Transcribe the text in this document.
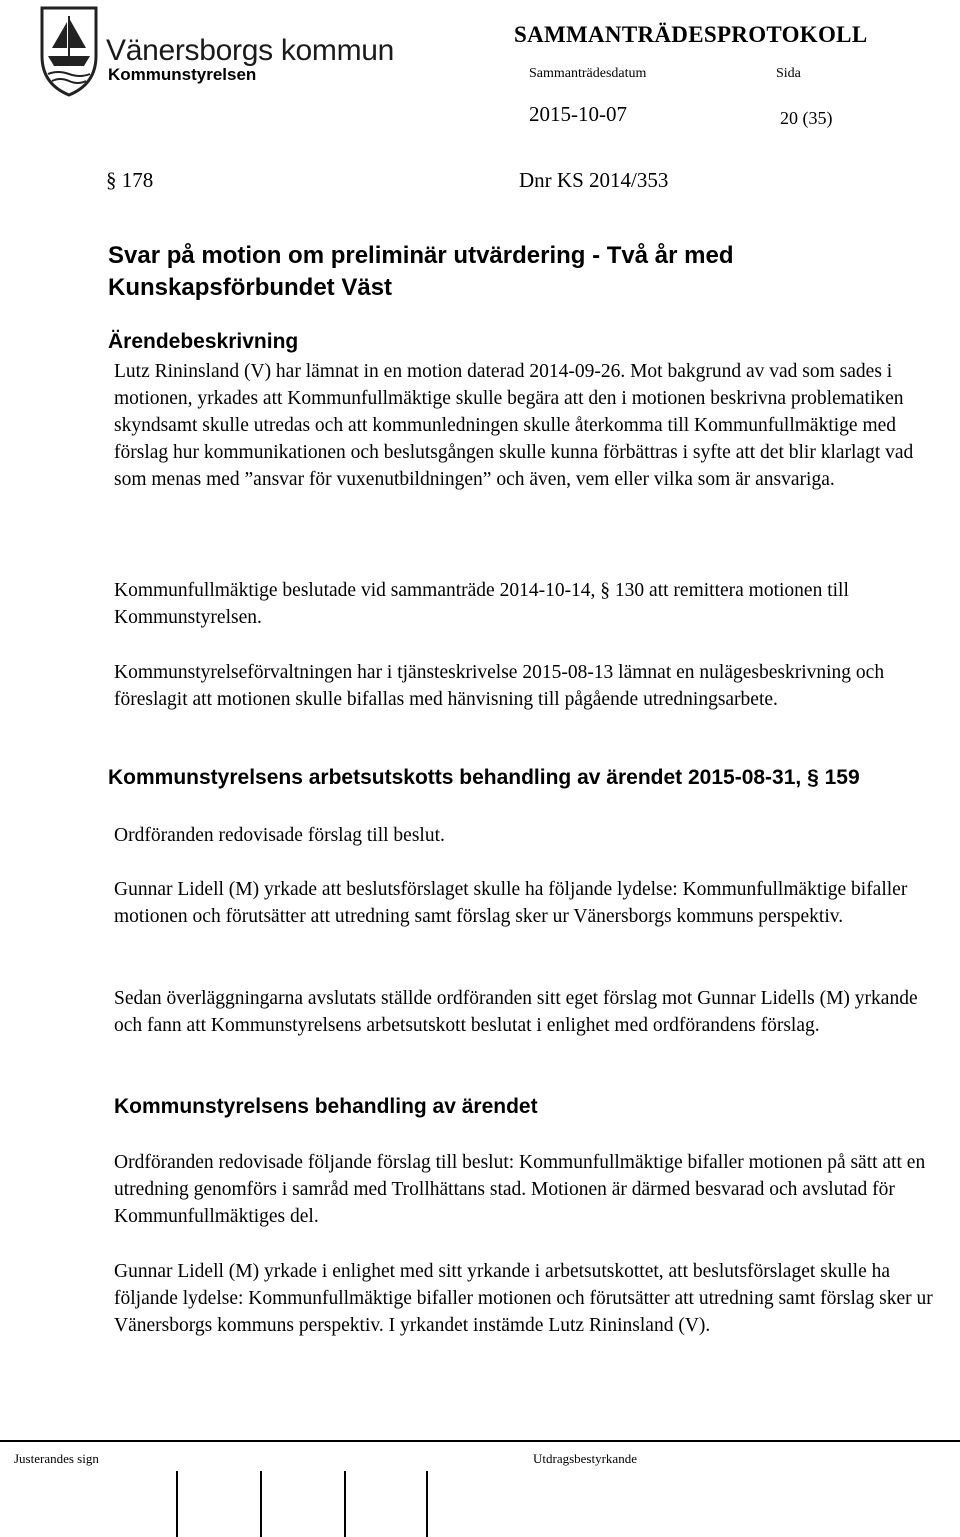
Vänersborgs kommun
Kommunstyrelsen
SAMMANTRÄDESPROTOKOLL
Sammanträdesdatum	Sida
2015-10-07	20 (35)
§ 178	Dnr KS 2014/353
Svar på motion om preliminär utvärdering - Två år med Kunskapsförbundet Väst
Ärendebeskrivning

Lutz Rininsland (V) har lämnat in en motion daterad 2014-09-26. Mot bakgrund av vad som sades i motionen, yrkades att Kommunfullmäktige skulle begära att den i motionen beskrivna problematiken skyndsamt skulle utredas och att kommunledningen skulle återkomma till Kommunfullmäktige med förslag hur kommunikationen och beslutsgången skulle kunna förbättras i syfte att det blir klarlagt vad som menas med ”ansvar för vuxenutbildningen” och även, vem eller vilka som är ansvariga.

Kommunfullmäktige beslutade vid sammanträde 2014-10-14, § 130 att remittera motionen till Kommunstyrelsen.

Kommunstyrelseförvaltningen har i tjänsteskrivelse 2015-08-13 lämnat en nulägesbeskrivning och föreslagit att motionen skulle bifallas med hänvisning till pågående utredningsarbete.

Kommunstyrelsens arbetsutskotts behandling av ärendet 2015-08-31, § 159

Ordföranden redovisade förslag till beslut.

Gunnar Lidell (M) yrkade att beslutsförslaget skulle ha följande lydelse: Kommunfullmäktige bifaller motionen och förutsätter att utredning samt förslag sker ur Vänersborgs kommuns perspektiv.

Sedan överläggningarna avslutats ställde ordföranden sitt eget förslag mot Gunnar Lidells (M) yrkande och fann att Kommunstyrelsens arbetsutskott beslutat i enlighet med ordförandens förslag.

Kommunstyrelsens behandling av ärendet

Ordföranden redovisade följande förslag till beslut: Kommunfullmäktige bifaller motionen på sätt att en utredning genomförs i samråd med Trollhättans stad. Motionen är därmed besvarad och avslutad för Kommunfullmäktiges del.

Gunnar Lidell (M) yrkade i enlighet med sitt yrkande i arbetsutskottet, att beslutsförslaget skulle ha följande lydelse: Kommunfullmäktige bifaller motionen och förutsätter att utredning samt förslag sker ur Vänersborgs kommuns perspektiv. I yrkandet instämde Lutz Rininsland (V).

Justerandes sign	Utdragsbestyrkande
